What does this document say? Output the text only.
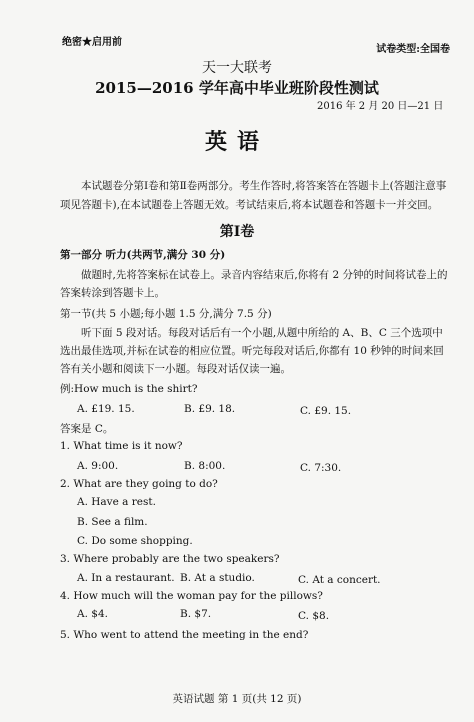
绝密★启用前
试卷类型:全国卷
天一大联考
2015—2016 学年高中毕业班阶段性测试
2016 年 2 月 20 日—21 日
英语
本试题卷分第Ⅰ卷和第Ⅱ卷两部分。考生作答时,将答案答在答题卡上(答题注意事项见答题卡),在本试题卷上答题无效。考试结束后,将本试题卷和答题卡一并交回。
第Ⅰ卷
第一部分 听力(共两节,满分 30 分)
做题时,先将答案标在试卷上。录音内容结束后,你将有 2 分钟的时间将试卷上的答案转涂到答题卡上。
第一节(共 5 小题;每小题 1.5 分,满分 7.5 分)
听下面 5 段对话。每段对话后有一个小题,从题中所给的 A、B、C 三个选项中选出最佳选项,并标在试卷的相应位置。听完每段对话后,你都有 10 秒钟的时间来回答有关小题和阅读下一小题。每段对话仅读一遍。
例:How much is the shirt?
A. £19. 15.	B. £9. 18.	C. £9. 15.
答案是 C。
1. What time is it now?
A. 9:00.	B. 8:00.	C. 7:30.
2. What are they going to do?
A. Have a rest.
B. See a film.
C. Do some shopping.
3. Where probably are the two speakers?
A. In a restaurant. B. At a studio.	C. At a concert.
4. How much will the woman pay for the pillows?
A. $4.	B. $7.	C. $8.
5. Who went to attend the meeting in the end?
英语试题 第 1 页(共 12 页)
